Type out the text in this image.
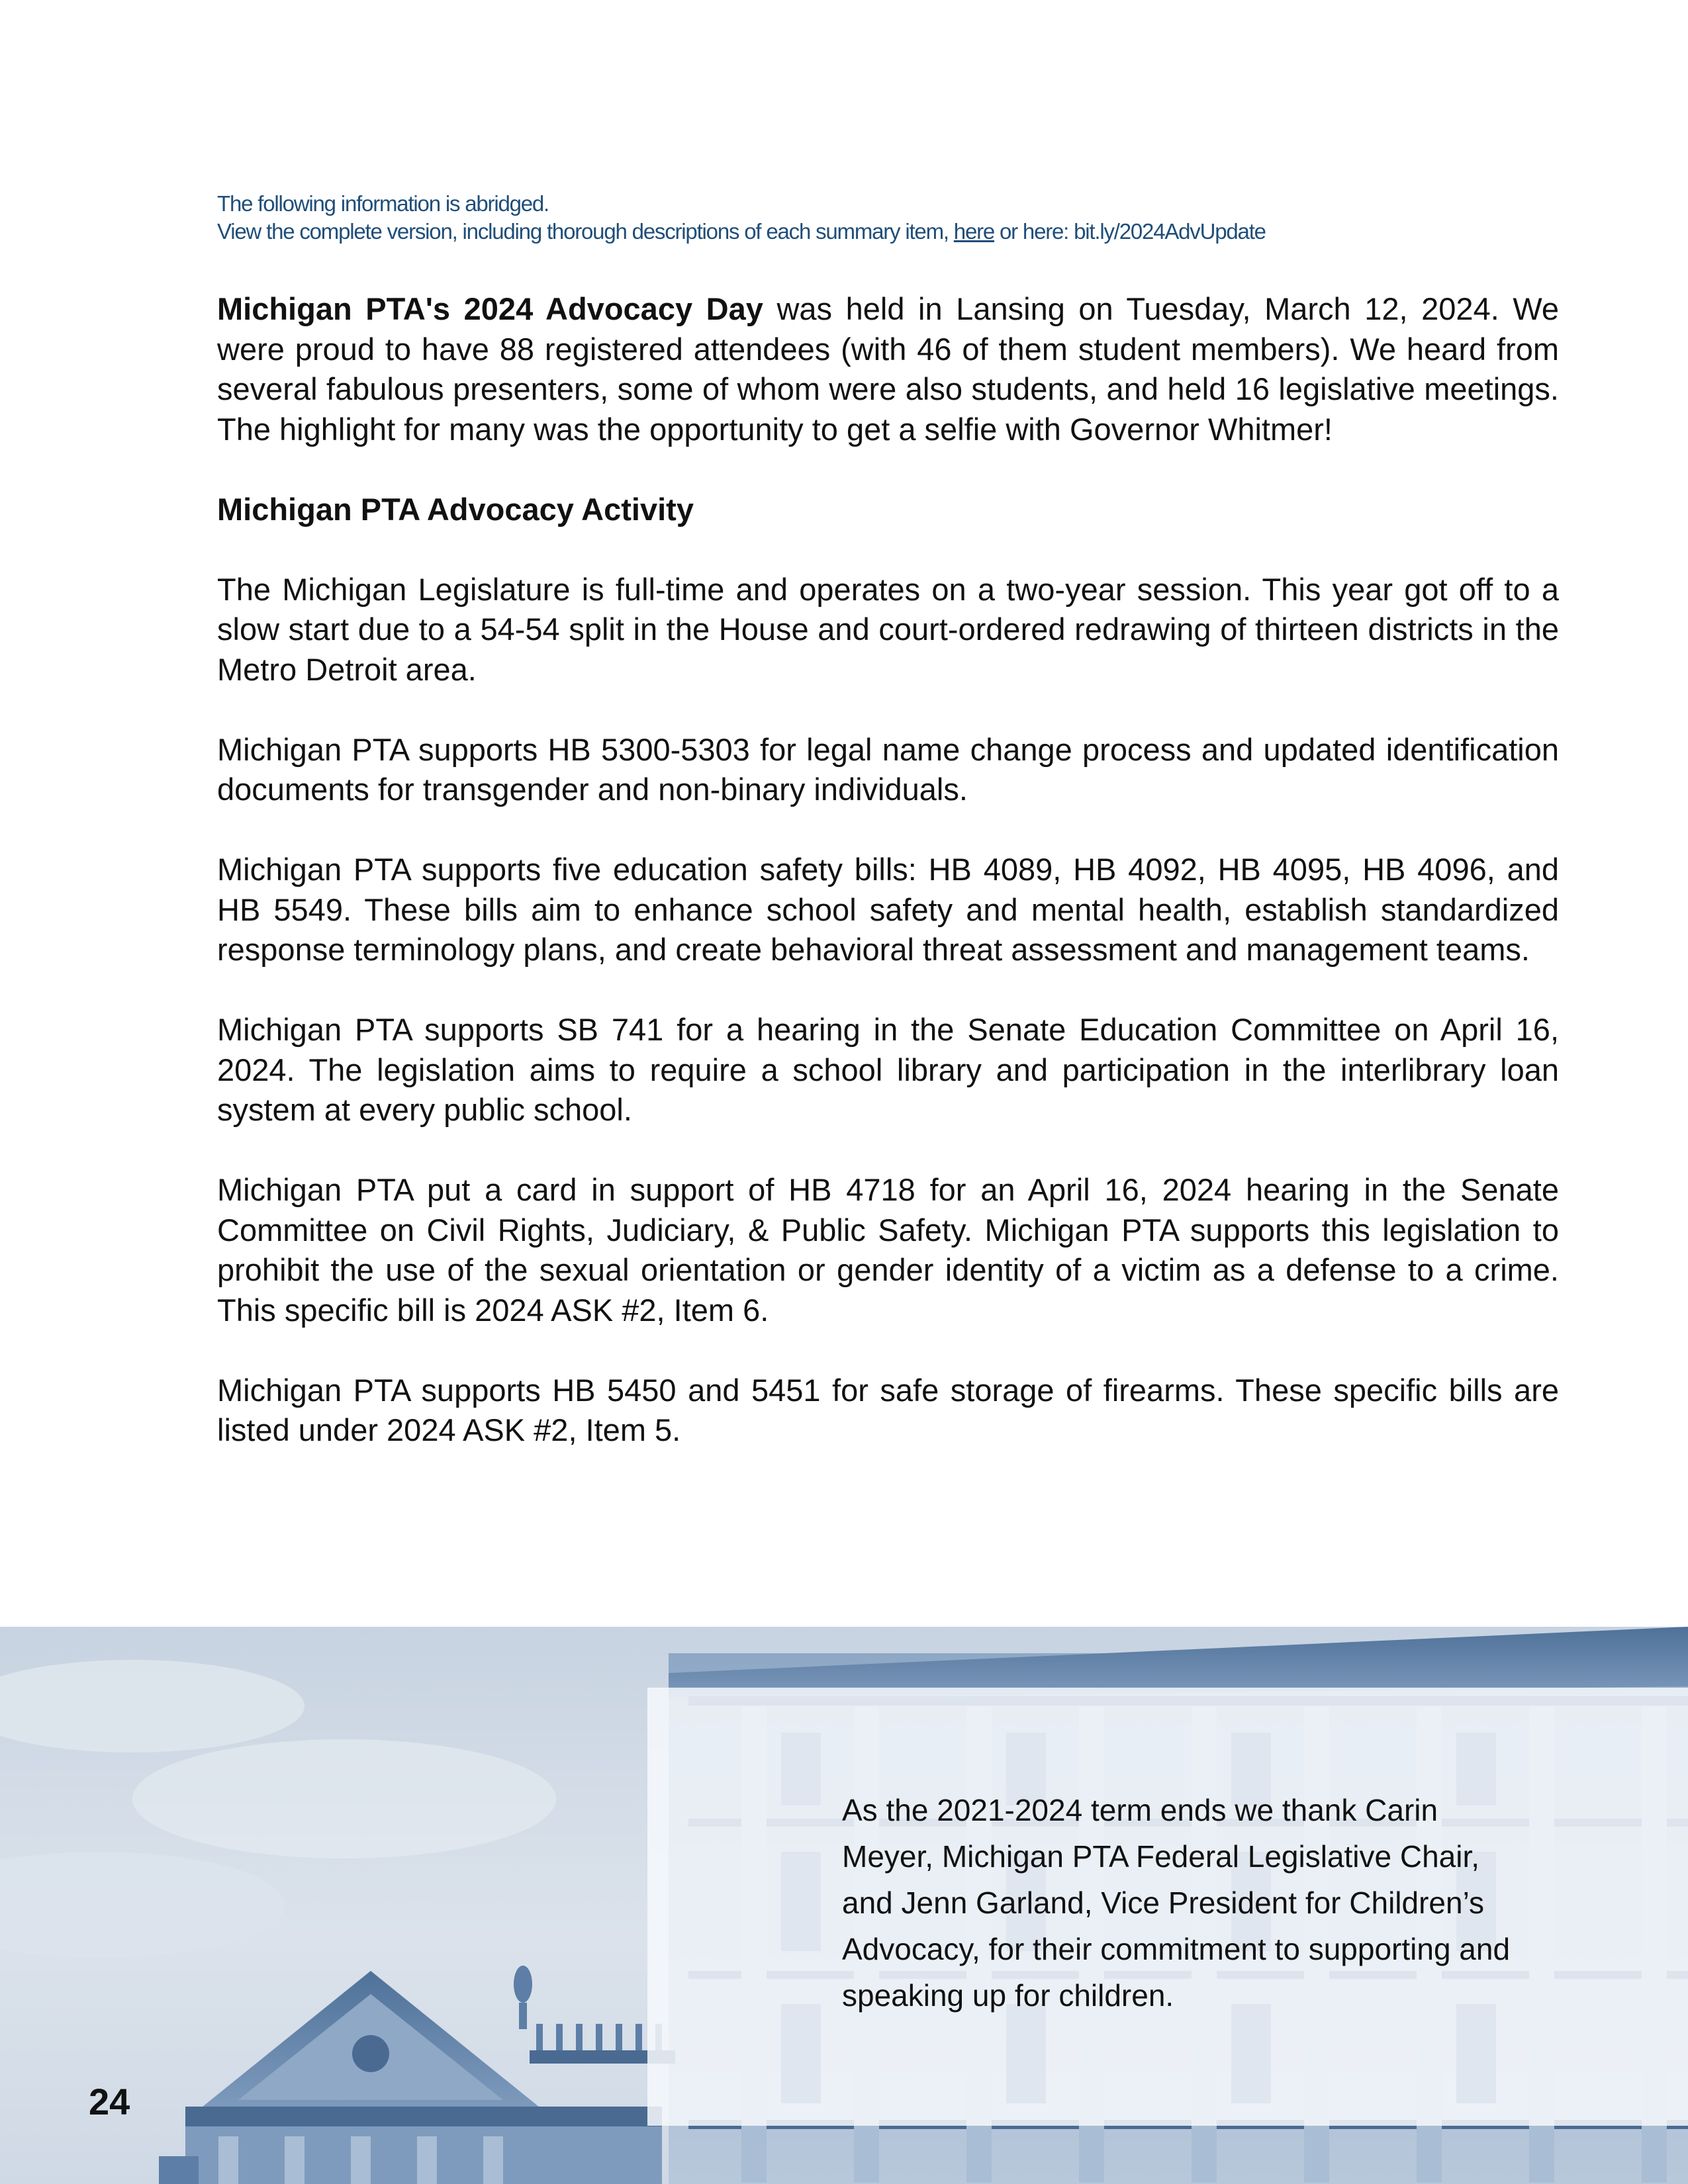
The following information is abridged.

View the complete version, including thorough descriptions of each summary item, here or here: bit.ly/2024AdvUpdate

Michigan PTA's 2024 Advocacy Day was held in Lansing on Tuesday, March 12, 2024. We were proud to have 88 registered attendees (with 46 of them student members). We heard from several fabulous presenters, some of whom were also students, and held 16 legislative meetings. The highlight for many was the opportunity to get a selfie with Governor Whitmer!

Michigan PTA Advocacy Activity

The Michigan Legislature is full-time and operates on a two-year session. This year got off to a slow start due to a 54-54 split in the House and court-ordered redrawing of thirteen districts in the Metro Detroit area.

Michigan PTA supports HB 5300-5303 for legal name change process and updated identification documents for transgender and non-binary individuals.

Michigan PTA supports five education safety bills: HB 4089, HB 4092, HB 4095, HB 4096, and HB 5549. These bills aim to enhance school safety and mental health, establish standardized response terminology plans, and create behavioral threat assessment and management teams.

Michigan PTA supports SB 741 for a hearing in the Senate Education Committee on April 16, 2024. The legislation aims to require a school library and participation in the interlibrary loan system at every public school.

Michigan PTA put a card in support of HB 4718 for an April 16, 2024 hearing in the Senate Committee on Civil Rights, Judiciary, & Public Safety. Michigan PTA supports this legislation to prohibit the use of the sexual orientation or gender identity of a victim as a defense to a crime. This specific bill is 2024 ASK #2, Item 6.

Michigan PTA supports HB 5450 and 5451 for safe storage of firearms. These specific bills are listed under 2024 ASK #2, Item 5.

As the 2021-2024 term ends we thank Carin Meyer, Michigan PTA Federal Legislative Chair, and Jenn Garland, Vice President for Children’s Advocacy, for their commitment to supporting and speaking up for children.
24
